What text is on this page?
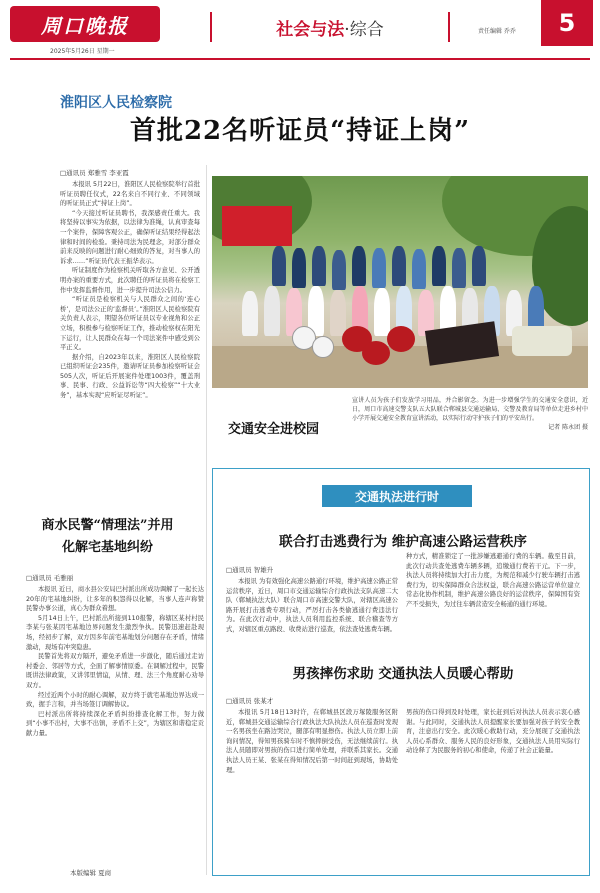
周口晚报
2025年5月26日 星期一
社会与法·综合	责任编辑 乔乔	5
淮阳区人民检察院
首批22名听证员“持证上岗”
□通讯员 郑雅雪 李亚霞

本报讯 5月22日，淮阳区人民检察院举行首批听证员聘任仪式，22名来自不同行业、不同领域的听证员正式“持证上岗”。

“今天接过听证员聘书，我深感责任重大。我将坚持以事实为依据，以法律为准绳，认真审查每一个案件，保障客观公正，确保听证结果经得起法律和时间的检验。秉持司法为民理念，对部分群众前来反映的问题进行耐心细致的答复，对当事人的诉求……”听证员代表王振华表示。

听证制度作为检察机关听取各方意见、公开透明办案的重要方式，此次聘任的听证员将在检察工作中发挥监督作用，进一步提升司法公信力。

“听证员是检察机关与人民群众之间的‘连心桥’，是司法公正的‘监督员’。”淮阳区人民检察院有关负责人表示，期望各位听证员以专业视角和公正立场，积极参与检察听证工作，推动检察权在阳光下运行，让人民群众在每一个司法案件中感受到公平正义。

据介绍，自2023年以来，淮阳区人民检察院已组织听证会235件，邀请听证员参加检察听证会505人次，听证后开展案件处理1003件，覆盖刑事、民事、行政、公益诉讼等“四大检察”“十大业务”，基本实现“应听证尽听证”。

交通安全进校园
宣讲人员为孩子们发放学习用品，并合影留念。为进一步增强学生的交通安全意识，近日，周口市高速交警支队五大队联合郸城县交通运输局、交警及教育局等单位走进乡村中小学开展交通安全教育宣讲活动，以实际行动守护孩子们的平安出行。
记者 陈永团 摄
商水民警“情理法”并用
化解宅基地纠纷
□通讯员 毛雅丽

本报讯 近日，商水县公安局巴村派出所成功调解了一起长达20年的宅基地纠纷，让多年的积怨得以化解，当事人连声称赞民警办事公道，真心为群众着想。

5月14日上午，巴村派出所接到110报警，称辖区某村村民李某与张某因宅基地边界问题发生激烈争执。民警迅速赶赴现场，经初步了解，双方因多年前宅基地划分问题存在矛盾，情绪激动，现场有冲突隐患。

民警首先将双方隔开，避免矛盾进一步激化，随后通过走访村委会、邻居等方式，全面了解事情原委。在调解过程中，民警既讲法律政策，又讲邻里情谊，从情、理、法三个角度耐心劝导双方。

经过近两个小时的耐心调解，双方终于就宅基地边界达成一致，握手言和，并当场签订调解协议。

巴村派出所将持续深化矛盾纠纷排查化解工作，努力做到“小事不出村，大事不出镇，矛盾不上交”，为辖区和谐稳定贡献力量。

本版编辑 夏商
交通执法进行时
联合打击逃费行为 维护高速公路运营秩序
□通讯员 智雄升

本报讯 为有效强化高速公路通行环境，维护高速公路正常运营秩序，近日，周口市交通运输综合行政执法支队高速二大队（郸城执法大队）联合周口市高速交警大队，对辖区高速公路开展打击逃费专项行动，严厉打击各类偷逃通行费违法行为。在此次行动中，执法人员利用监控系统、联合稽查等方式，对辖区重点路段、收费站进行巡查，依法查处逃费车辆。

种方式，精准锁定了一批涉嫌逃避通行费的车辆。截至目前，此次行动共查处逃费车辆多辆，追缴通行费若干元。下一步，执法人员将持续加大打击力度，为规范和减少行驶车辆打击逃费行为，切实保障群众合法权益，联合高速公路运营单位建立常态化协作机制，维护高速公路良好的运营秩序，保障国有资产不受损失，为过往车辆营造安全畅通的通行环境。

男孩摔伤求助 交通执法人员暖心帮助
□通讯员 张某才

本报讯 5月18日13时许，在郸城县区段万塚陵服务区附近，郸城县交通运输综合行政执法大队执法人员在巡查时发现一名男孩坐在路边哭泣，腿部有明显擦伤。执法人员立即上前询问情况，得知男孩骑车时不慎摔倒受伤，无法继续前行。执法人员随即对男孩的伤口进行简单处理，并联系其家长。交通执法人员王某、张某在得知情况后第一时间赶到现场，协助处理。

男孩的伤口得到及时处理，家长赶到后对执法人员表示衷心感谢。与此同时，交通执法人员提醒家长要加强对孩子的安全教育，注意出行安全。此次暖心救助行动，充分展现了交通执法人员心系群众、服务人民的良好形象，交通执法人员用实际行动诠释了为民服务的初心和使命，传递了社会正能量。
